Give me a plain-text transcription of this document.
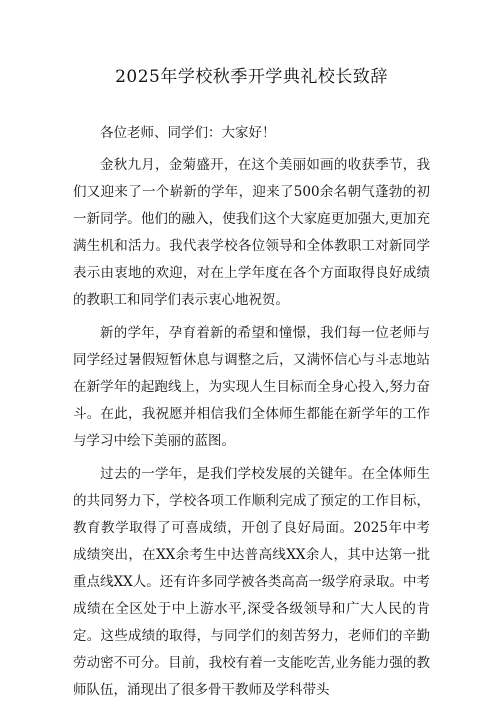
2025年学校秋季开学典礼校长致辞

各位老师、同学们：大家好！

金秋九月，金菊盛开，在这个美丽如画的收获季节，我们又迎来了一个崭新的学年，迎来了500余名朝气蓬勃的初一新同学。他们的融入，使我们这个大家庭更加强大,更加充满生机和活力。我代表学校各位领导和全体教职工对新同学表示由衷地的欢迎，对在上学年度在各个方面取得良好成绩的教职工和同学们表示衷心地祝贺。

新的学年，孕育着新的希望和憧憬，我们每一位老师与同学经过暑假短暂休息与调整之后，又满怀信心与斗志地站在新学年的起跑线上，为实现人生目标而全身心投入,努力奋斗。在此，我祝愿并相信我们全体师生都能在新学年的工作与学习中绘下美丽的蓝图。

过去的一学年，是我们学校发展的关键年。在全体师生的共同努力下，学校各项工作顺利完成了预定的工作目标，教育教学取得了可喜成绩，开创了良好局面。2025年中考成绩突出，在XX余考生中达普高线XX余人，其中达第一批重点线XX人。还有许多同学被各类高高一级学府录取。中考成绩在全区处于中上游水平,深受各级领导和广大人民的肯定。这些成绩的取得，与同学们的刻苦努力，老师们的辛勤劳动密不可分。目前，我校有着一支能吃苦,业务能力强的教师队伍，涌现出了很多骨干教师及学科带头
